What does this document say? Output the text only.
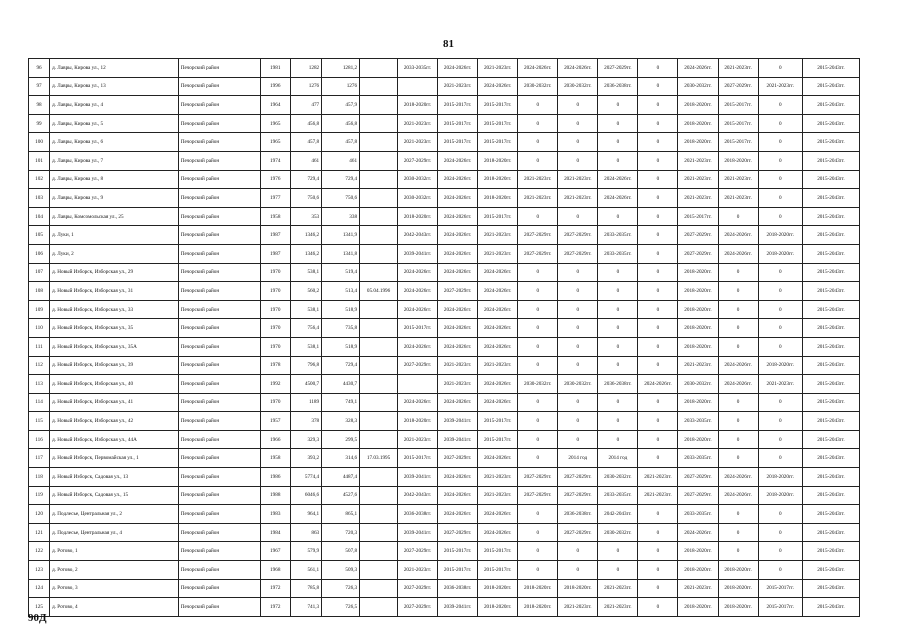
81
96	д. Лавры, Кирова ул., 12	Печорский район	1981	1282	1281,2		2033-2035гг.	2024-2026гг.	2021-2023гг.	2024-2026гг.	2024-2026гг.	2027-2029гг.	0	2024-2026гг.	2021-2023гг.	0	2015-2043гг.
97	д. Лавры, Кирова ул., 13	Печорский район	1996	1276	1276			2021-2023гг.	2024-2026гг.	2030-2032гг.	2030-2032гг.	2036-2038гг.	0	2030-2032гг.	2027-2029гг.	2021-2023гг.	2015-2043гг.
98	д. Лавры, Кирова ул., 4	Печорский район	1964	477	457,9		2018-2020гг.	2015-2017гг.	2015-2017гг.	0	0	0	0	2018-2020гг.	2015-2017гг.	0	2015-2043гг.
99	д. Лавры, Кирова ул., 5	Печорский район	1965	456,8	456,8		2021-2023гг.	2015-2017гг.	2015-2017гг.	0	0	0	0	2018-2020гг.	2015-2017гг.	0	2015-2043гг.
100	д. Лавры, Кирова ул., 6	Печорский район	1965	457,8	457,8		2021-2023гг.	2015-2017гг.	2015-2017гг.	0	0	0	0	2018-2020гг.	2015-2017гг.	0	2015-2043гг.
101	д. Лавры, Кирова ул., 7	Печорский район	1974	461	461		2027-2029гг.	2024-2026гг.	2018-2020гг.	0	0	0	0	2021-2023гг.	2018-2020гг.	0	2015-2043гг.
102	д. Лавры, Кирова ул., 8	Печорский район	1976	729,4	729,4		2030-2032гг.	2024-2026гг.	2018-2020гг.	2021-2023гг.	2021-2023гг.	2024-2026гг.	0	2021-2023гг.	2021-2023гг.	0	2015-2043гг.
103	д. Лавры, Кирова ул., 9	Печорский район	1977	750,6	750,6		2030-2032гг.	2024-2026гг.	2018-2020гг.	2021-2023гг.	2021-2023гг.	2024-2026гг.	0	2021-2023гг.	2021-2023гг.	0	2015-2043гг.
104	д. Лавры, Комсомольская ул., 25	Печорский район	1958	353	338		2018-2020гг.	2024-2026гг.	2015-2017гг.	0	0	0	0	2015-2017гг.	0	0	2015-2043гг.
105	д. Луки, 1	Печорский район	1987	1346,2	1341,9		2042-2043гг.	2024-2026гг.	2021-2023гг.	2027-2029гг.	2027-2029гг.	2033-2035гг.	0	2027-2029гг.	2024-2026гг.	2018-2020гг.	2015-2043гг.
106	д. Луки, 2	Печорский район	1987	1346,2	1341,8		2039-2041гг.	2024-2026гг.	2021-2023гг.	2027-2029гг.	2027-2029гг.	2033-2035гг.	0	2027-2029гг.	2024-2026гг.	2018-2020гг.	2015-2043гг.
107	д. Новый Изборск, Изборская ул., 29	Печорский район	1970	538,1	519,4		2024-2026гг.	2024-2026гг.	2024-2026гг.	0	0	0	0	2018-2020гг.	0	0	2015-2043гг.
108	д. Новый Изборск, Изборская ул., 31	Печорский район	1970	560,2	513,4	05.04.1996	2024-2026гг.	2027-2029гг.	2024-2026гг.	0	0	0	0	2018-2020гг.	0	0	2015-2043гг.
109	д. Новый Изборск, Изборская ул., 33	Печорский район	1970	538,1	518,9		2024-2026гг.	2024-2026гг.	2024-2026гг.	0	0	0	0	2018-2020гг.	0	0	2015-2043гг.
110	д. Новый Изборск, Изборская ул., 35	Печорский район	1970	756,4	735,8		2015-2017гг.	2024-2026гг.	2024-2026гг.	0	0	0	0	2018-2020гг.	0	0	2015-2043гг.
111	д. Новый Изборск, Изборская ул., 35А	Печорский район	1970	538,1	518,9		2024-2026гг.	2024-2026гг.	2024-2026гг.	0	0	0	0	2018-2020гг.	0	0	2015-2043гг.
112	д. Новый Изборск, Изборская ул., 39	Печорский район	1978	796,8	729,4		2027-2029гг.	2021-2023гг.	2021-2023гг.	0	0	0	0	2021-2023гг.	2024-2026гг.	2018-2020гг.	2015-2043гг.
113	д. Новый Изборск, Изборская ул., 40	Печорский район	1992	4500,7	4430,7			2021-2023гг.	2024-2026гг.	2030-2032гг.	2030-2032гг.	2036-2038гг.	2024-2026гг.	2030-2032гг.	2024-2026гг.	2021-2023гг.	2015-2043гг.
114	д. Новый Изборск, Изборская ул., 41	Печорский район	1970	1189	749,1		2024-2026гг.	2024-2026гг.	2024-2026гг.	0	0	0	0	2018-2020гг.	0	0	2015-2043гг.
115	д. Новый Изборск, Изборская ул., 42	Печорский район	1957	378	328,3		2018-2020гг.	2039-2041гг.	2015-2017гг.	0	0	0	0	2033-2035гг.	0	0	2015-2043гг.
116	д. Новый Изборск, Изборская ул., 44А	Печорский район	1966	329,3	299,5		2021-2023гг.	2039-2041гг.	2015-2017гг.	0	0	0	0	2018-2020гг.	0	0	2015-2043гг.
117	д. Новый Изборск, Первомайская ул., 1	Печорский район	1958	393,2	314,6	17.03.1995	2015-2017гг.	2027-2029гг.	2024-2026гг.	0	2014 год	2014 год	0	2033-2035гг.	0	0	2015-2043гг.
118	д. Новый Изборск, Садовая ул., 13	Печорский район	1986	5774,4	4487,4		2039-2041гг.	2024-2026гг.	2021-2023гг.	2027-2029гг.	2027-2029гг.	2030-2032гг.	2021-2023гг.	2027-2029гг.	2024-2026гг.	2018-2020гг.	2015-2043гг.
119	д. Новый Изборск, Садовая ул., 15	Печорский район	1988	6046,6	4527,6		2042-2043гг.	2024-2026гг.	2021-2023гг.	2027-2029гг.	2027-2029гг.	2033-2035гг.	2021-2023гг.	2027-2029гг.	2024-2026гг.	2018-2020гг.	2015-2043гг.
120	д. Подлесье, Центральная ул., 2	Печорский район	1983	964,1	865,1		2036-2038гг.	2024-2026гг.	2024-2026гг.	0	2036-2038гг.	2042-2043гг.	0	2033-2035гг.	0	0	2015-2043гг.
121	д. Подлесье, Центральная ул., 4	Печорский район	1984	863	720,3		2039-2041гг.	2027-2029гг.	2024-2026гг.	0	2027-2029гг.	2030-2032гг.	0	2024-2026гг.	0	0	2015-2043гг.
122	д. Ротово, 1	Печорский район	1967	579,9	507,8		2027-2029гг.	2015-2017гг.	2015-2017гг.	0	0	0	0	2018-2020гг.	0	0	2015-2043гг.
123	д. Ротово, 2	Печорский район	1968	561,1	509,3		2021-2023гг.	2015-2017гг.	2015-2017гг.	0	0	0	0	2018-2020гг.	2018-2020гг.	0	2015-2043гг.
124	д. Ротово, 3	Печорский район	1972	785,8	726,3		2027-2029гг.	2036-2038гг.	2018-2020гг.	2018-2020гг.	2018-2020гг.	2021-2023гг.	0	2021-2023гг.	2018-2020гг.	2015-2017гг.	2015-2043гг.
125	д. Ротово, 4	Печорский район	1972	741,3	726,5		2027-2029гг.	2039-2041гг.	2018-2020гг.	2018-2020гг.	2021-2023гг.	2021-2023гг.	0	2018-2020гг.	2018-2020гг.	2015-2017гг.	2015-2043гг.
90Д
